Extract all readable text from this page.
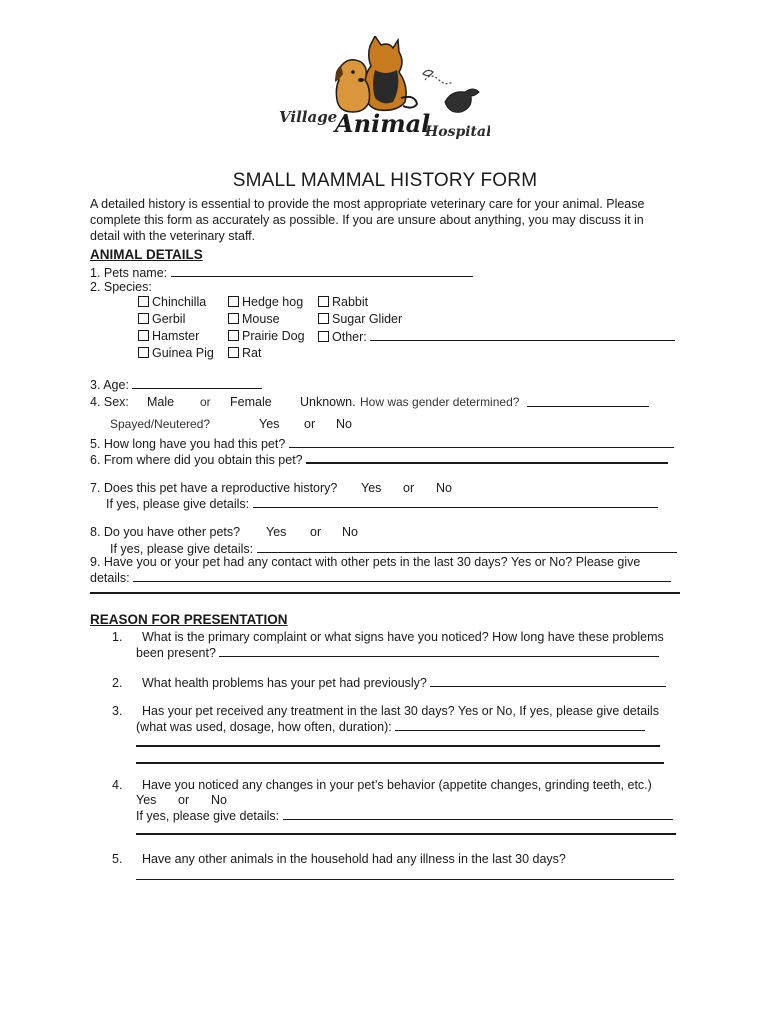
Village
Animal
Hospital
SMALL MAMMAL HISTORY FORM
A detailed history is essential to provide the most appropriate veterinary care for your animal. Please complete this form as accurately as possible. If you are unsure about anything, you may discuss it in detail with the veterinary staff.
ANIMAL DETAILS
1. Pets name:
2. Species:
Chinchilla	Hedge hog	Rabbit
Gerbil	Mouse	Sugar Glider
Hamster	Prairie Dog	Other:
Guinea Pig	Rat
3. Age:
4. Sex: Male or Female Unknown. How was gender determined?
Spayed/Neutered?	Yes or No
5. How long have you had this pet?
6. From where did you obtain this pet?
7. Does this pet have a reproductive history? Yes or No
If yes, please give details:
8. Do you have other pets? Yes or No
If yes, please give details:
9. Have you or your pet had any contact with other pets in the last 30 days? Yes or No? Please give
details:
REASON FOR PRESENTATION
1. What is the primary complaint or what signs have you noticed? How long have these problems
been present?
2. What health problems has your pet had previously?
3. Has your pet received any treatment in the last 30 days? Yes or No, If yes, please give details
(what was used, dosage, how often, duration):
4. Have you noticed any changes in your pet’s behavior (appetite changes, grinding teeth, etc.)
Yes or No
If yes, please give details:
5. Have any other animals in the household had any illness in the last 30 days?
